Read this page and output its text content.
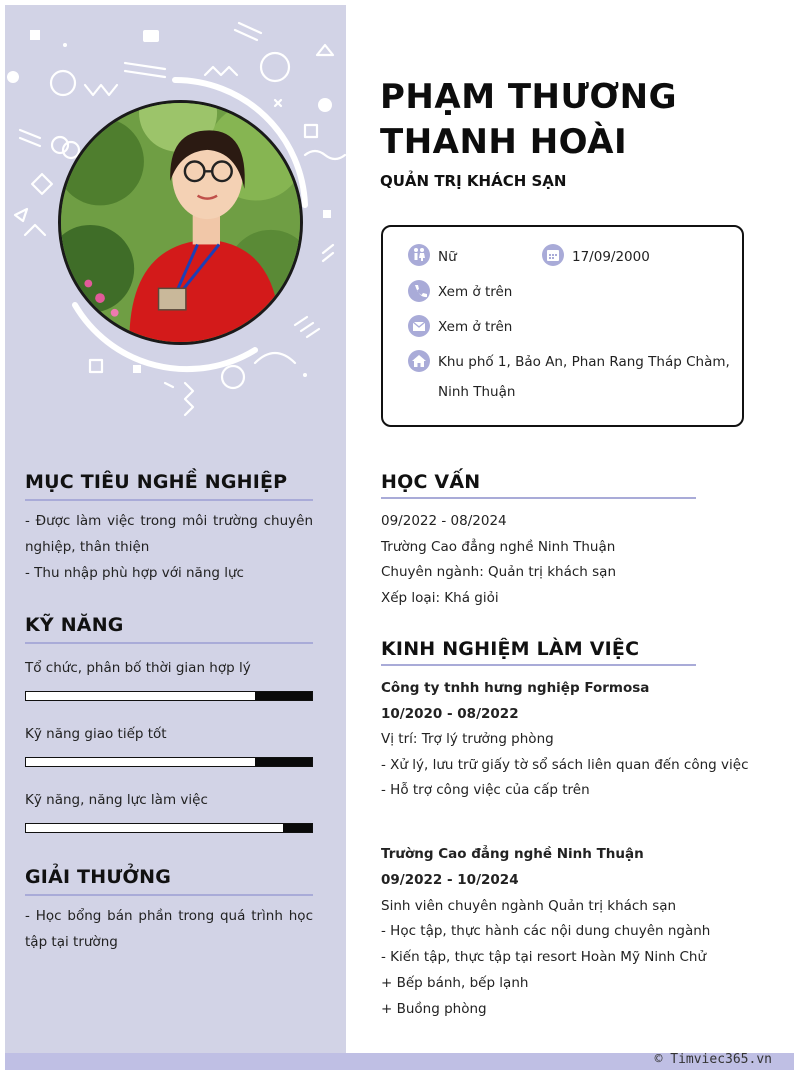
MỤC TIÊU NGHỀ NGHIỆP
- Được làm việc trong môi trường chuyên nghiệp, thân thiện
- Thu nhập phù hợp với năng lực
KỸ NĂNG
Tổ chức, phân bố thời gian hợp lý
Kỹ năng giao tiếp tốt
Kỹ năng, năng lực làm việc
GIẢI THƯỞNG
- Học bổng bán phần trong quá trình học tập tại trường
PHẠM THƯƠNG
THANH HOÀI
QUẢN TRỊ KHÁCH SẠN
Nữ	17/09/2000
Xem ở trên
Xem ở trên
Khu phố 1, Bảo An, Phan Rang Tháp Chàm,
Ninh Thuận
HỌC VẤN
09/2022 - 08/2024
Trường Cao đẳng nghề Ninh Thuận
Chuyên ngành: Quản trị khách sạn
Xếp loại: Khá giỏi
KINH NGHIỆM LÀM VIỆC
Công ty tnhh hưng nghiệp Formosa
10/2020 - 08/2022
Vị trí: Trợ lý trưởng phòng
- Xử lý, lưu trữ giấy tờ sổ sách liên quan đến công việc
- Hỗ trợ công việc của cấp trên
Trường Cao đẳng nghề Ninh Thuận
09/2022 - 10/2024
Sinh viên chuyên ngành Quản trị khách sạn
- Học tập, thực hành các nội dung chuyên ngành
- Kiến tập, thực tập tại resort Hoàn Mỹ Ninh Chử
+ Bếp bánh, bếp lạnh
+ Buồng phòng
© Timviec365.vn
